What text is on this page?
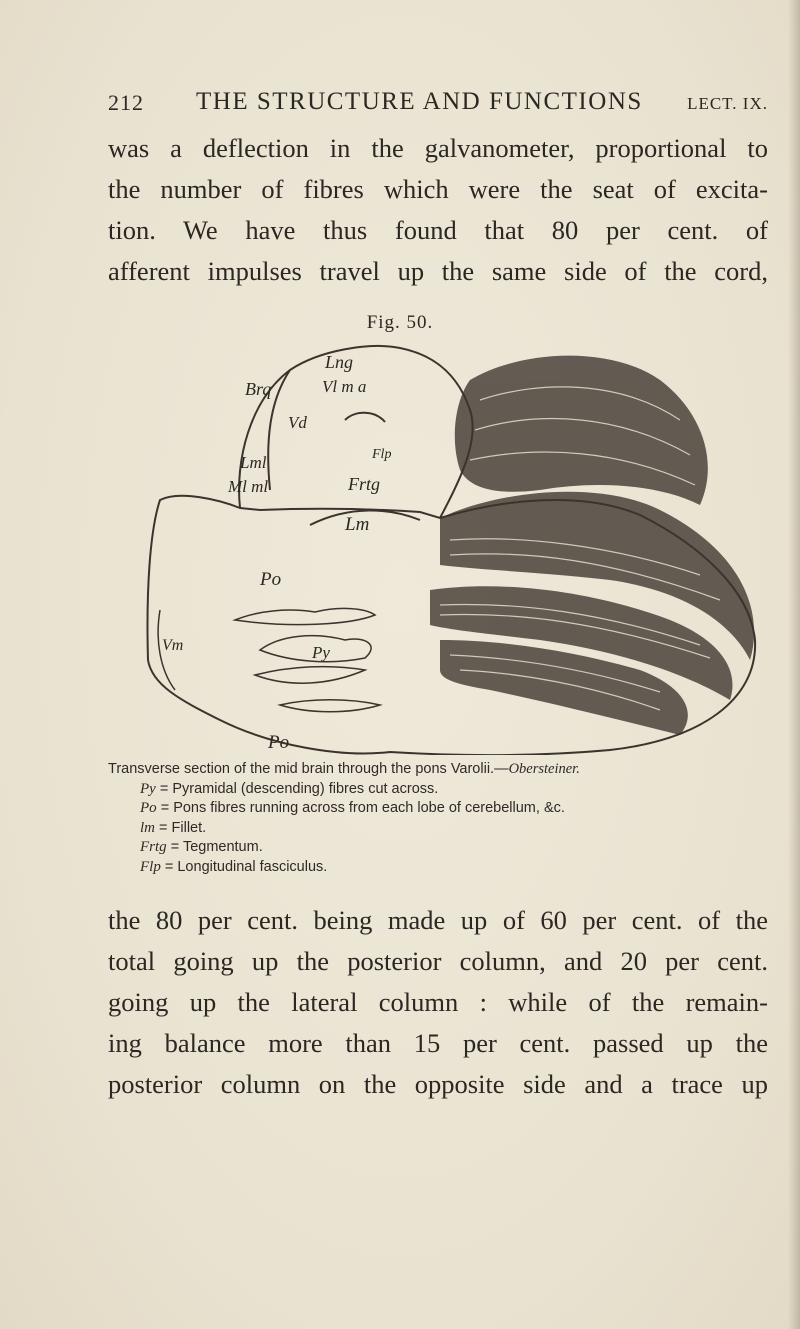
212 THE STRUCTURE AND FUNCTIONS	LECT. IX.
was a deflection in the galvanometer, proportional to
the number of fibres which were the seat of excita-
tion. We have thus found that 80 per cent. of
afferent impulses travel up the same side of the cord,
Fig. 50.
Brq
Lng
Vl m a
Vd
Flp
Lml
Ml ml	Frtg
Lm
Po
Py
Vm
Po
Transverse section of the mid brain through the pons Varolii.—Obersteiner.
Py = Pyramidal (descending) fibres cut across.
Po = Pons fibres running across from each lobe of cerebellum, &c.
lm = Fillet.
Frtg = Tegmentum.
Flp = Longitudinal fasciculus.
the 80 per cent. being made up of 60 per cent. of the
total going up the posterior column, and 20 per cent.
going up the lateral column : while of the remain-
ing balance more than 15 per cent. passed up the
posterior column on the opposite side and a trace up
